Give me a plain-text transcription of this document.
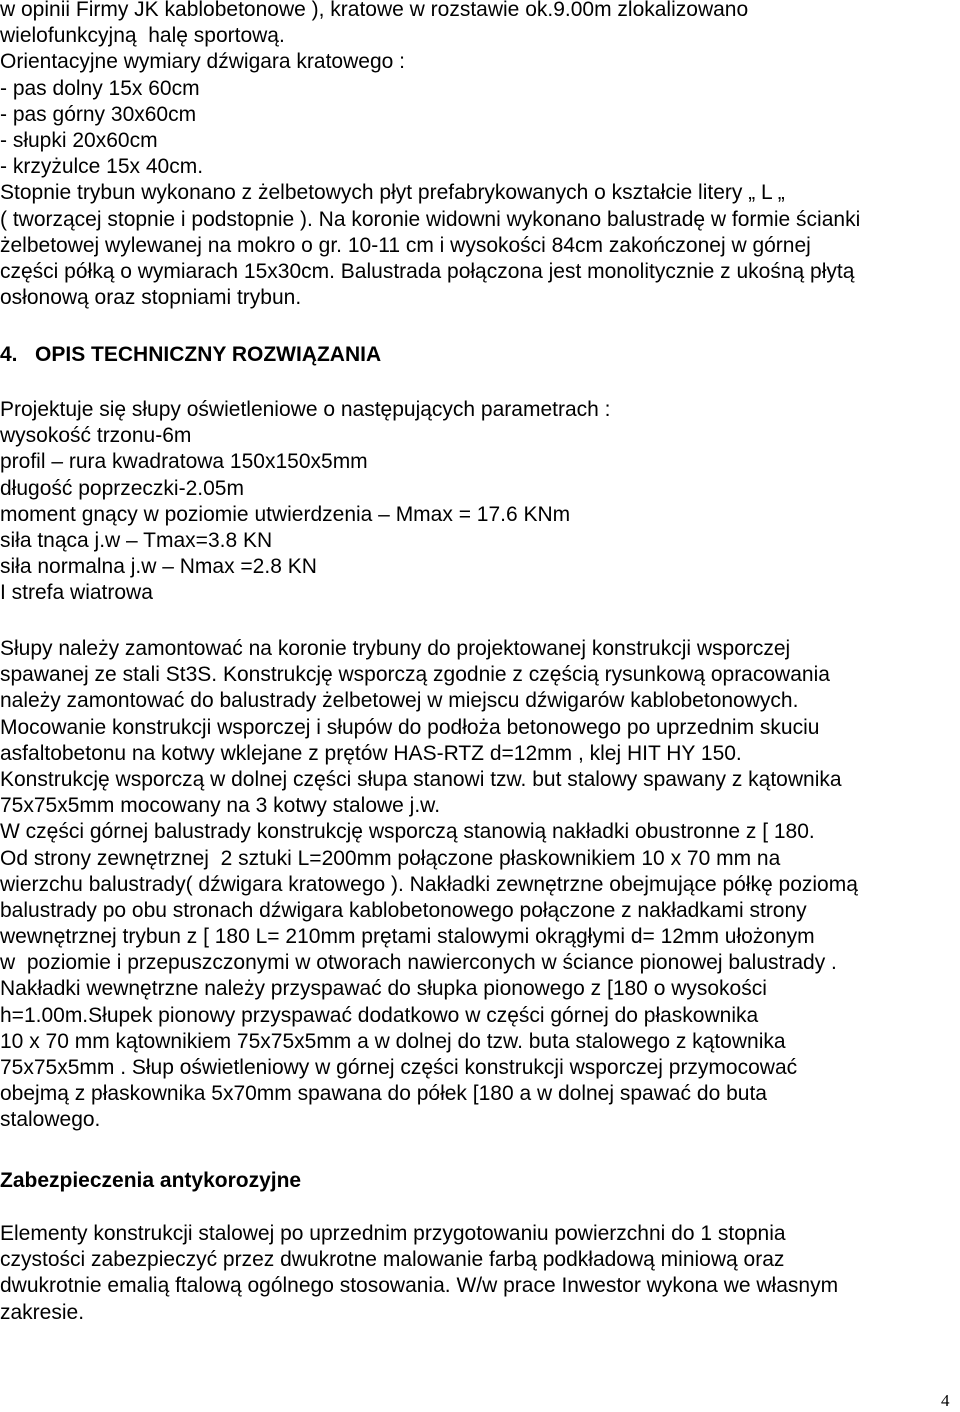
w opinii Firmy JK kablobetonowe ), kratowe w rozstawie ok.9.00m zlokalizowano
wielofunkcyjną  halę sportową.
Orientacyjne wymiary dźwigara kratowego :
- pas dolny 15x 60cm
- pas górny 30x60cm
- słupki 20x60cm
- krzyżulce 15x 40cm.
Stopnie trybun wykonano z żelbetowych płyt prefabrykowanych o kształcie litery „ L „
( tworzącej stopnie i podstopnie ). Na koronie widowni wykonano balustradę w formie ścianki
żelbetowej wylewanej na mokro o gr. 10-11 cm i wysokości 84cm zakończonej w górnej
części półką o wymiarach 15x30cm. Balustrada połączona jest monolitycznie z ukośną płytą
osłonową oraz stopniami trybun.
4.   OPIS TECHNICZNY ROZWIĄZANIA
Projektuje się słupy oświetleniowe o następujących parametrach :
wysokość trzonu-6m
profil – rura kwadratowa 150x150x5mm
długość poprzeczki-2.05m
moment gnący w poziomie utwierdzenia – Mmax = 17.6 KNm
siła tnąca j.w – Tmax=3.8 KN
siła normalna j.w – Nmax =2.8 KN
I strefa wiatrowa
Słupy należy zamontować na koronie trybuny do projektowanej konstrukcji wsporczej
spawanej ze stali St3S. Konstrukcję wsporczą zgodnie z częścią rysunkową opracowania
należy zamontować do balustrady żelbetowej w miejscu dźwigarów kablobetonowych.
Mocowanie konstrukcji wsporczej i słupów do podłoża betonowego po uprzednim skuciu
asfaltobetonu na kotwy wklejane z prętów HAS-RTZ d=12mm , klej HIT HY 150.
Konstrukcję wsporczą w dolnej części słupa stanowi tzw. but stalowy spawany z kątownika
75x75x5mm mocowany na 3 kotwy stalowe j.w.
W części górnej balustrady konstrukcję wsporczą stanowią nakładki obustronne z [ 180.
Od strony zewnętrznej  2 sztuki L=200mm połączone płaskownikiem 10 x 70 mm na
wierzchu balustrady( dźwigara kratowego ). Nakładki zewnętrzne obejmujące półkę poziomą
balustrady po obu stronach dźwigara kablobetonowego połączone z nakładkami strony
wewnętrznej trybun z [ 180 L= 210mm prętami stalowymi okrągłymi d= 12mm ułożonym
w  poziomie i przepuszczonymi w otworach nawierconych w ściance pionowej balustrady .
Nakładki wewnętrzne należy przyspawać do słupka pionowego z [180 o wysokości
h=1.00m.Słupek pionowy przyspawać dodatkowo w części górnej do płaskownika
10 x 70 mm kątownikiem 75x75x5mm a w dolnej do tzw. buta stalowego z kątownika
75x75x5mm . Słup oświetleniowy w górnej części konstrukcji wsporczej przymocować
obejmą z płaskownika 5x70mm spawana do półek [180 a w dolnej spawać do buta
stalowego.
Zabezpieczenia antykorozyjne
Elementy konstrukcji stalowej po uprzednim przygotowaniu powierzchni do 1 stopnia
czystości zabezpieczyć przez dwukrotne malowanie farbą podkładową miniową oraz
dwukrotnie emalią ftalową ogólnego stosowania. W/w prace Inwestor wykona we własnym
zakresie.
4
